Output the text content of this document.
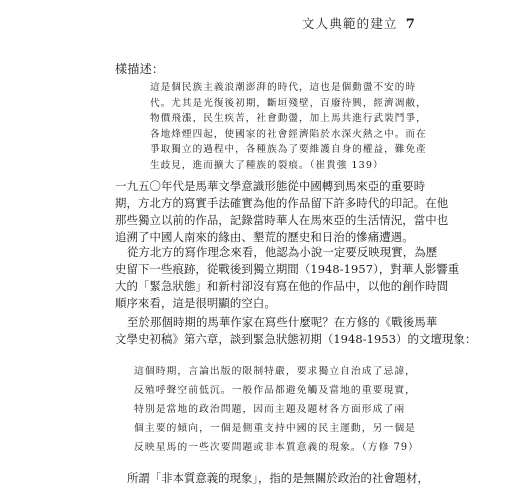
文人典範的建立 7
樣描述：
這是個民族主義浪潮澎湃的時代，這也是個動盪不安的時
代。尤其是光復後初期，斷垣殘壁，百廢待興，經濟凋敝，
物價飛漲，民生疾苦，社會動盪，加上馬共進行武裝鬥爭，
各地烽煙四起，使國家的社會經濟陷於水深火熱之中。而在
爭取獨立的過程中，各種族為了要維護自身的權益，難免產
生歧見，進而擴大了種族的裂痕。（崔貴強 139）
一九五〇年代是馬華文學意識形態從中國轉到馬來亞的重要時
期，方北方的寫實手法確實為他的作品留下許多時代的印記。在他
那些獨立以前的作品，記錄當時華人在馬來亞的生活情況，當中也
追溯了中國人南來的緣由、墾荒的歷史和日治的慘痛遭遇。
從方北方的寫作理念來看，他認為小說一定要反映現實，為歷
史留下一些痕跡，從戰後到獨立期間（1948-1957），對華人影響重
大的「緊急狀態」和新村卻沒有寫在他的作品中，以他的創作時間
順序來看，這是很明顯的空白。
至於那個時期的馬華作家在寫些什麼呢？在方修的《戰後馬華
文學史初稿》第六章，談到緊急狀態初期（1948-1953）的文壇現象：
這個時期，言論出版的限制特嚴，要求獨立自治成了忌諱，
反殖呼聲空前低沉。一般作品都避免觸及當地的重要現實，
特別是當地的政治問題，因而主題及題材各方面形成了兩
個主要的傾向，一個是側重支持中國的民主運動，另一個是
反映星馬的一些次要問題或非本質意義的現象。（方修 79）
所謂「非本質意義的現象」，指的是無關於政治的社會題材，
